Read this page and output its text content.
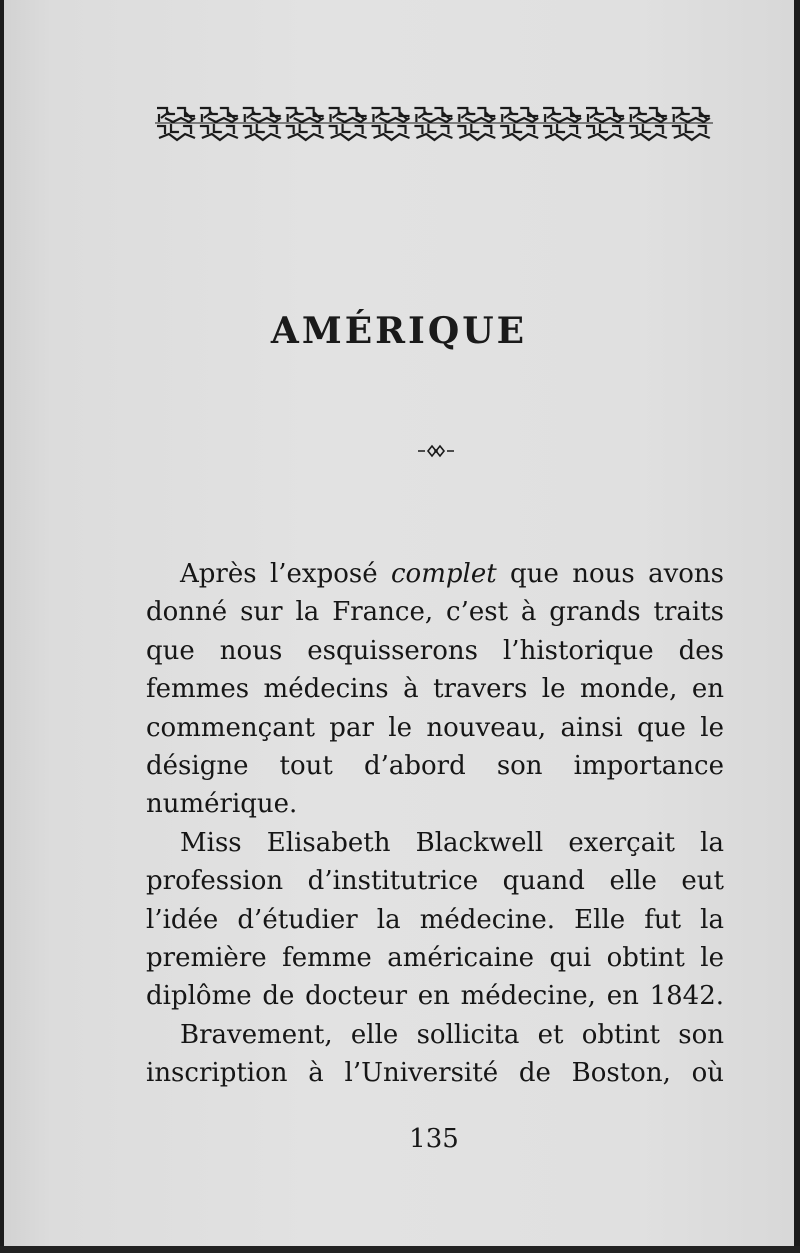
AMÉRIQUE
Après l’exposé complet que nous avons
donné sur la France, c’est à grands traits
que nous esquisserons l’historique des
femmes médecins à travers le monde, en
commençant par le nouveau, ainsi que le
désigne tout d’abord son importance
numérique.
Miss Elisabeth Blackwell exerçait la
profession d’institutrice quand elle eut
l’idée d’étudier la médecine. Elle fut la
première femme américaine qui obtint le
diplôme de docteur en médecine, en 1842.
Bravement, elle sollicita et obtint son
inscription à l’Université de Boston, où
135
